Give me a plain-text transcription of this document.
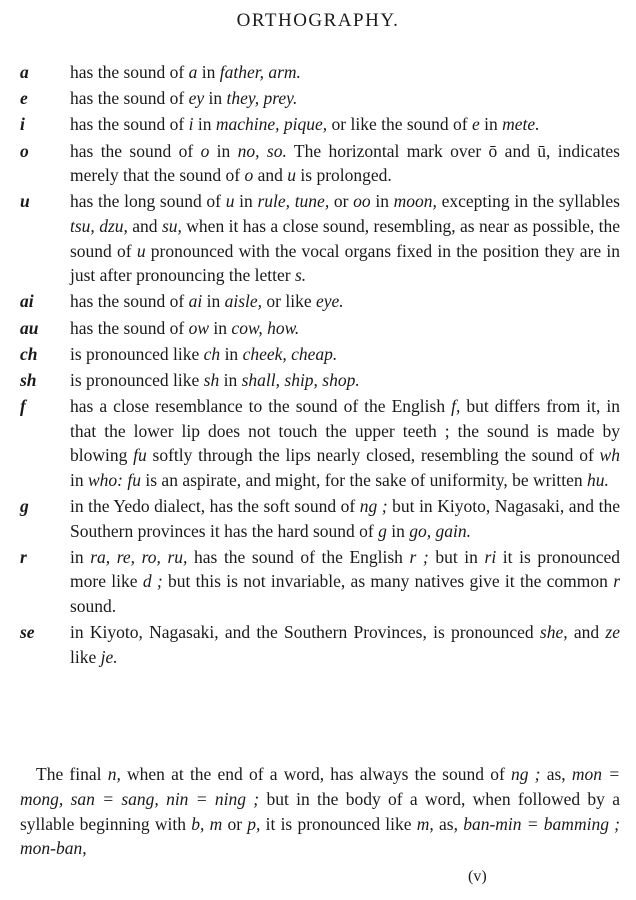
ORTHOGRAPHY.
a has the sound of a in father, arm.
e has the sound of ey in they, prey.
i	has the sound of i in machine, pique, or like the sound of e in mete.
o has the sound of o in no, so. The horizontal mark over ō and ū, indicates merely that the sound of o and u is prolonged.
u has the long sound of u in rule, tune, or oo in moon, excepting in the syllables tsu, dzu, and su, when it has a close sound, resembling, as near as possible, the sound of u pronounced with the vocal organs fixed in the position they are in just after pronouncing the letter s.
ai has the sound of ai in aisle, or like eye.
au has the sound of ow in cow, how.
ch is pronounced like ch in cheek, cheap.
sh is pronounced like sh in shall, ship, shop.
f	has a close resemblance to the sound of the English f, but differs from it, in that the lower lip does not touch the upper teeth ; the sound is made by blowing fu softly through the lips nearly closed, resembling the sound of wh in who: fu is an aspirate, and might, for the sake of uniformity, be written hu.
g in the Yedo dialect, has the soft sound of ng ; but in Kiyoto, Nagasaki, and the Southern provinces it has the hard sound of g in go, gain.
r in ra, re, ro, ru, has the sound of the English r ; but in ri it is pronounced more like d ; but this is not invariable, as many natives give it the common r sound.
se in Kiyoto, Nagasaki, and the Southern Provinces, is pronounced she, and ze like je.
The final n, when at the end of a word, has always the sound of ng ; as, mon = mong, san = sang, nin = ning ; but in the body of a word, when followed by a syllable beginning with b, m or p, it is pronounced like m, as, ban-min = bamming ; mon-ban,
(v)
